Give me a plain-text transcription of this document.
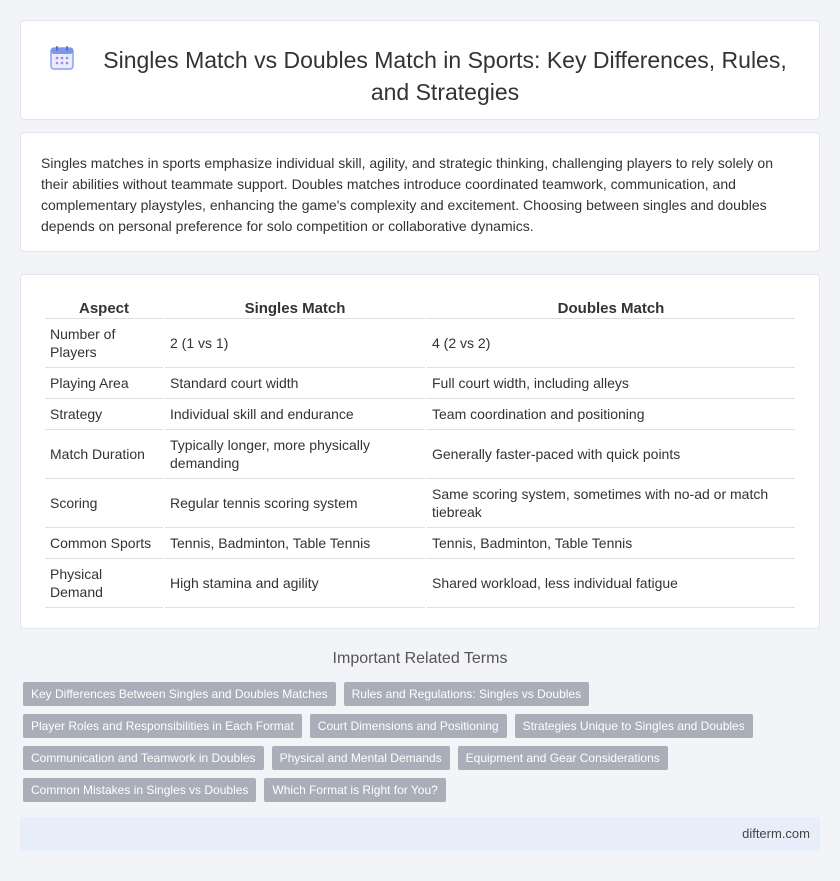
Singles Match vs Doubles Match in Sports: Key Differences, Rules, and Strategies

Singles matches in sports emphasize individual skill, agility, and strategic thinking, challenging players to rely solely on their abilities without teammate support. Doubles matches introduce coordinated teamwork, communication, and complementary playstyles, enhancing the game's complexity and excitement. Choosing between singles and doubles depends on personal preference for solo competition or collaborative dynamics.

Aspect	Singles Match	Doubles Match
Number of Players	2 (1 vs 1)	4 (2 vs 2)
Playing Area	Standard court width	Full court width, including alleys
Strategy	Individual skill and endurance	Team coordination and positioning
Match Duration	Typically longer, more physically demanding	Generally faster-paced with quick points
Scoring	Regular tennis scoring system	Same scoring system, sometimes with no-ad or match tiebreak
Common Sports	Tennis, Badminton, Table Tennis	Tennis, Badminton, Table Tennis
Physical Demand	High stamina and agility	Shared workload, less individual fatigue
Important Related Terms
Key Differences Between Singles and Doubles Matches	Rules and Regulations: Singles vs Doubles
Player Roles and Responsibilities in Each Format	Court Dimensions and Positioning	Strategies Unique to Singles and Doubles
Communication and Teamwork in Doubles	Physical and Mental Demands	Equipment and Gear Considerations
Common Mistakes in Singles vs Doubles	Which Format is Right for You?
difterm.com
